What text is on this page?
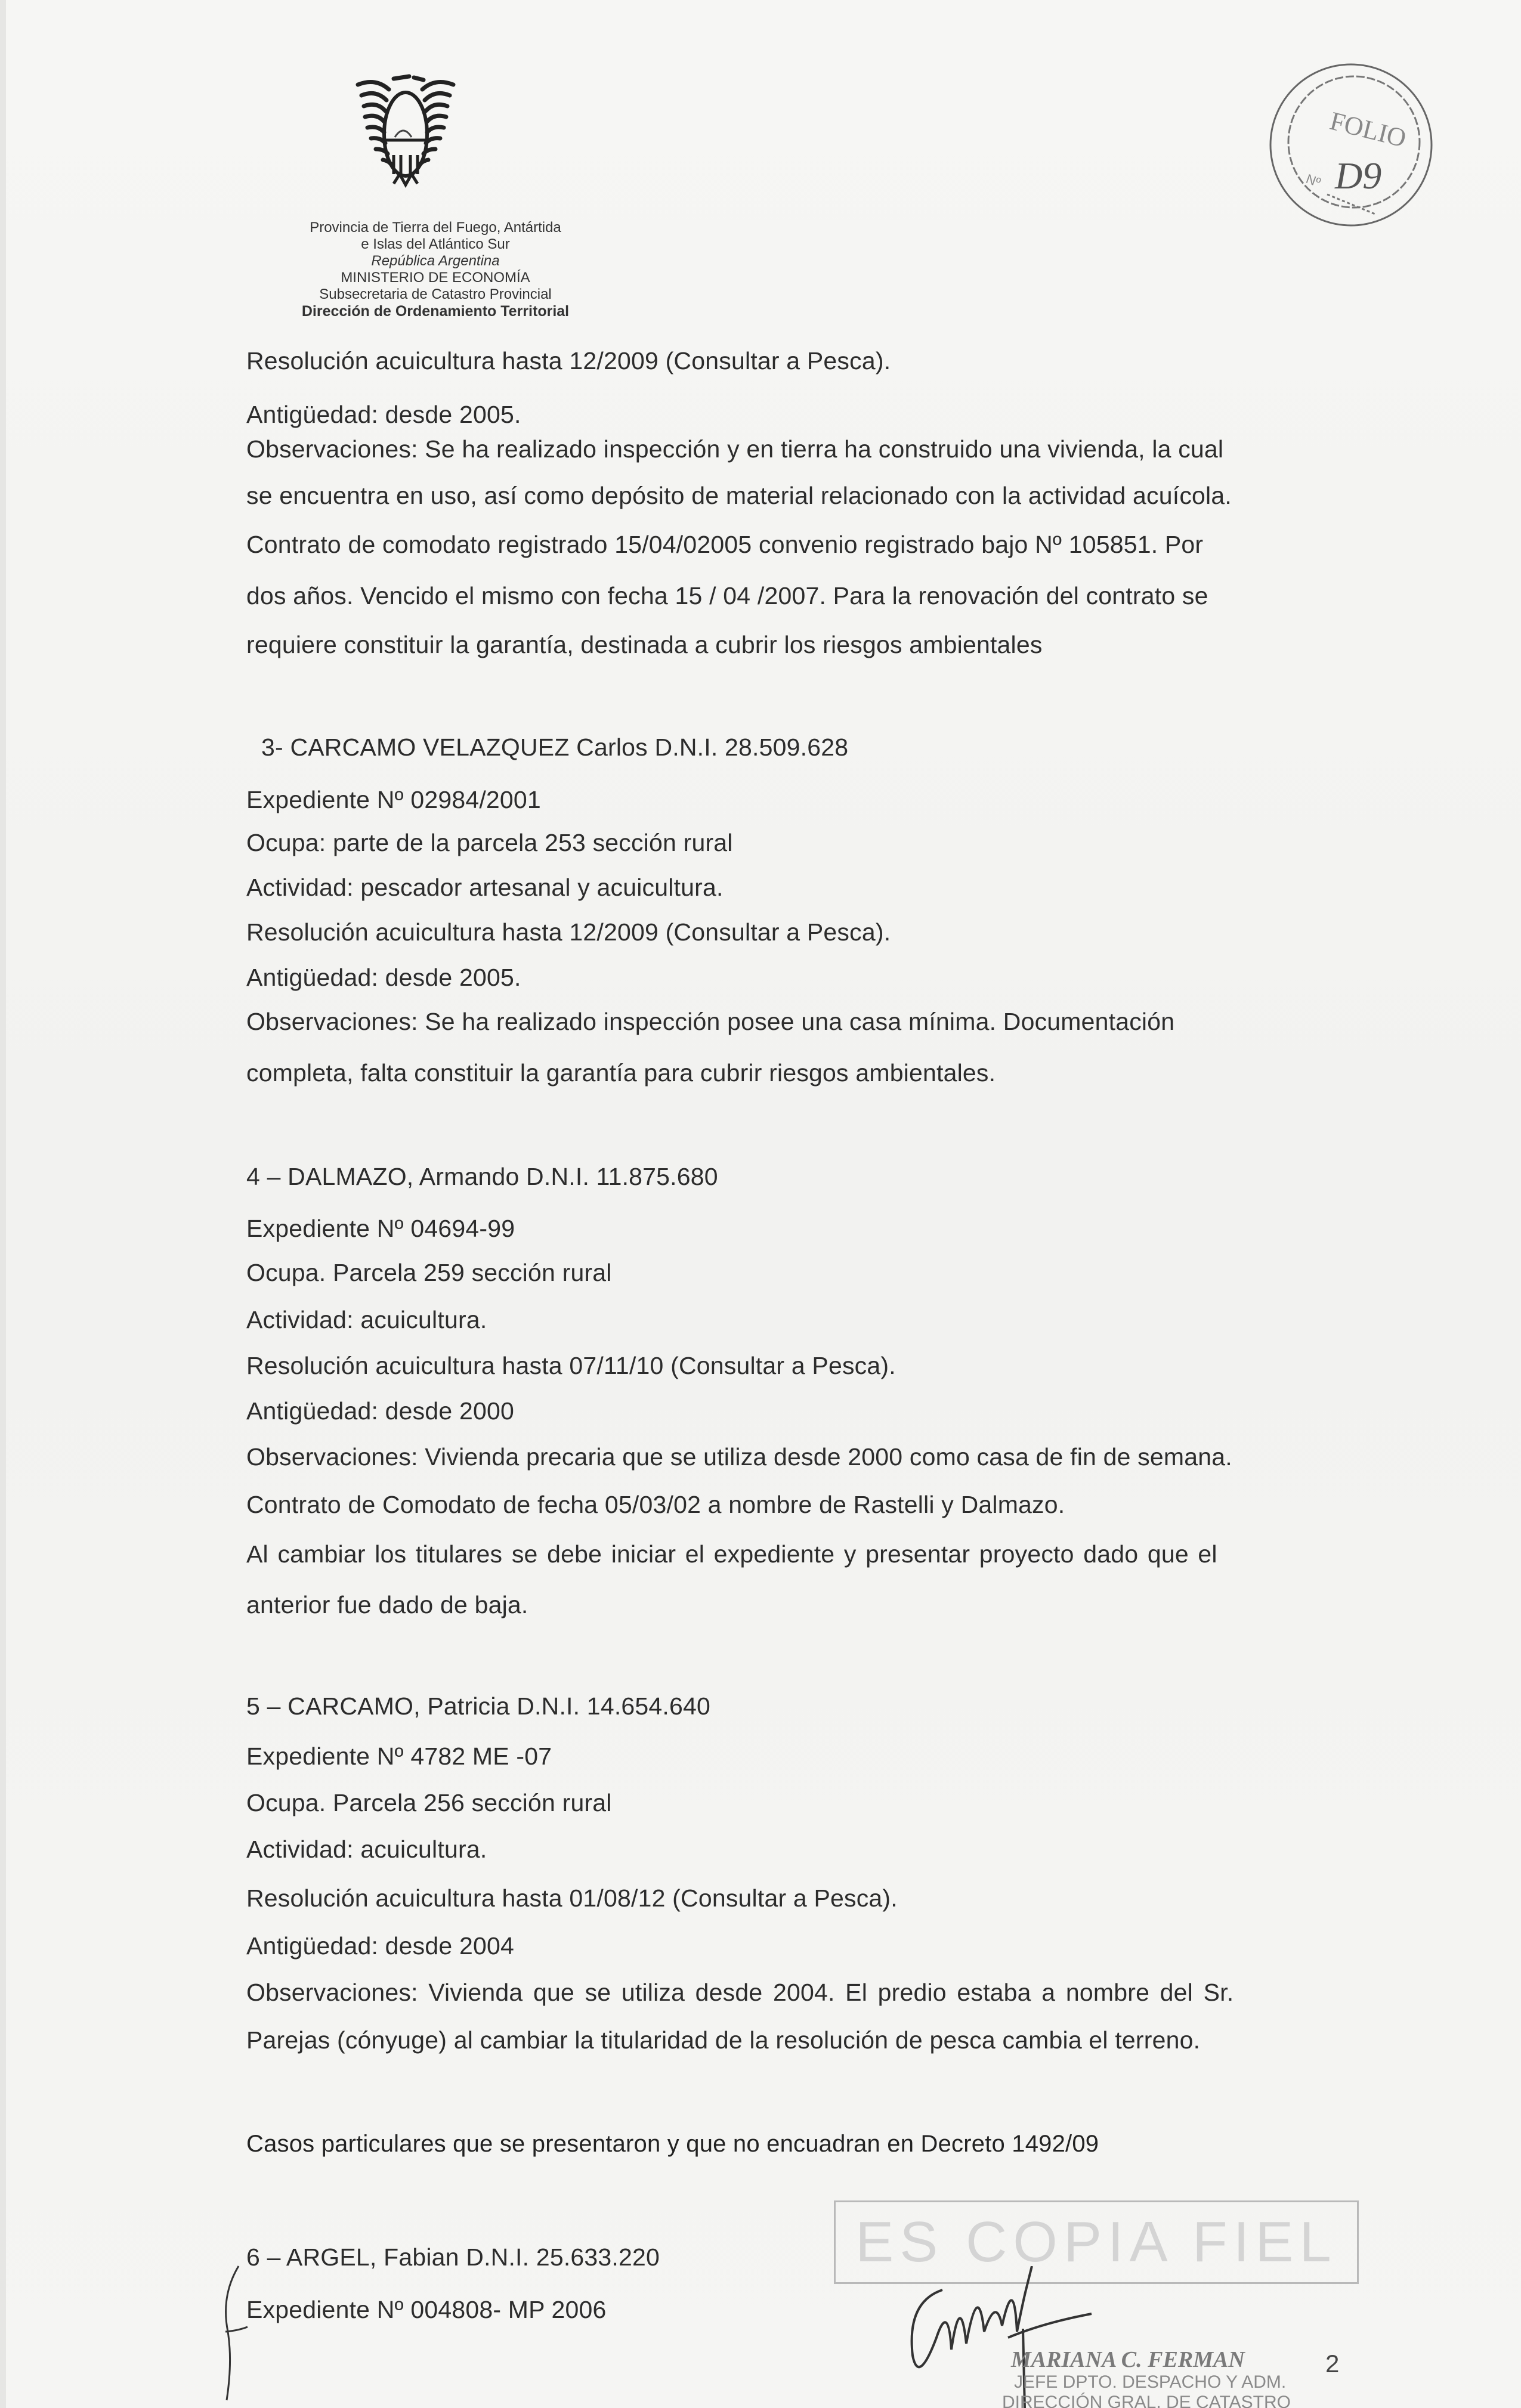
Provincia de Tierra del Fuego, Antártida
e Islas del Atlántico Sur
República Argentina
MINISTERIO DE ECONOMÍA
Subsecretaria de Catastro Provincial
Dirección de Ordenamiento Territorial
FOLIO
Nº D9
Resolución acuicultura hasta 12/2009 (Consultar a Pesca).
Antigüedad: desde 2005.
Observaciones: Se ha realizado inspección y en tierra ha construido una vivienda, la cual
se encuentra en uso, así como depósito de material relacionado con la actividad acuícola.
Contrato de comodato registrado 15/04/02005 convenio registrado bajo Nº 105851. Por
dos años. Vencido el mismo con fecha 15 / 04 /2007. Para la renovación del contrato se
requiere constituir la garantía, destinada a cubrir los riesgos ambientales
3- CARCAMO VELAZQUEZ Carlos D.N.I. 28.509.628
Expediente Nº 02984/2001
Ocupa: parte de la parcela 253 sección rural
Actividad: pescador artesanal y acuicultura.
Resolución acuicultura hasta 12/2009 (Consultar a Pesca).
Antigüedad: desde 2005.
Observaciones: Se ha realizado inspección posee una casa mínima. Documentación
completa, falta constituir la garantía para cubrir riesgos ambientales.
4 – DALMAZO, Armando D.N.I. 11.875.680
Expediente Nº 04694-99
Ocupa. Parcela 259 sección rural
Actividad: acuicultura.
Resolución acuicultura hasta 07/11/10 (Consultar a Pesca).
Antigüedad: desde 2000
Observaciones: Vivienda precaria que se utiliza desde 2000 como casa de fin de semana.
Contrato de Comodato de fecha 05/03/02 a nombre de Rastelli y Dalmazo.
Al cambiar los titulares se debe iniciar el expediente y presentar proyecto dado que el
anterior fue dado de baja.
5 – CARCAMO, Patricia D.N.I. 14.654.640
Expediente Nº 4782 ME -07
Ocupa. Parcela 256 sección rural
Actividad: acuicultura.
Resolución acuicultura hasta 01/08/12 (Consultar a Pesca).
Antigüedad: desde 2004
Observaciones: Vivienda que se utiliza desde 2004. El predio estaba a nombre del Sr.
Parejas (cónyuge) al cambiar la titularidad de la resolución de pesca cambia el terreno.
Casos particulares que se presentaron y que no encuadran en Decreto 1492/09
6 – ARGEL, Fabian D.N.I. 25.633.220
Expediente Nº 004808- MP 2006
ES COPIA FIEL
MARIANA C. FERMAN
JEFE DPTO. DESPACHO Y ADM.
DIRECCIÓN GRAL. DE CATASTRO
2
